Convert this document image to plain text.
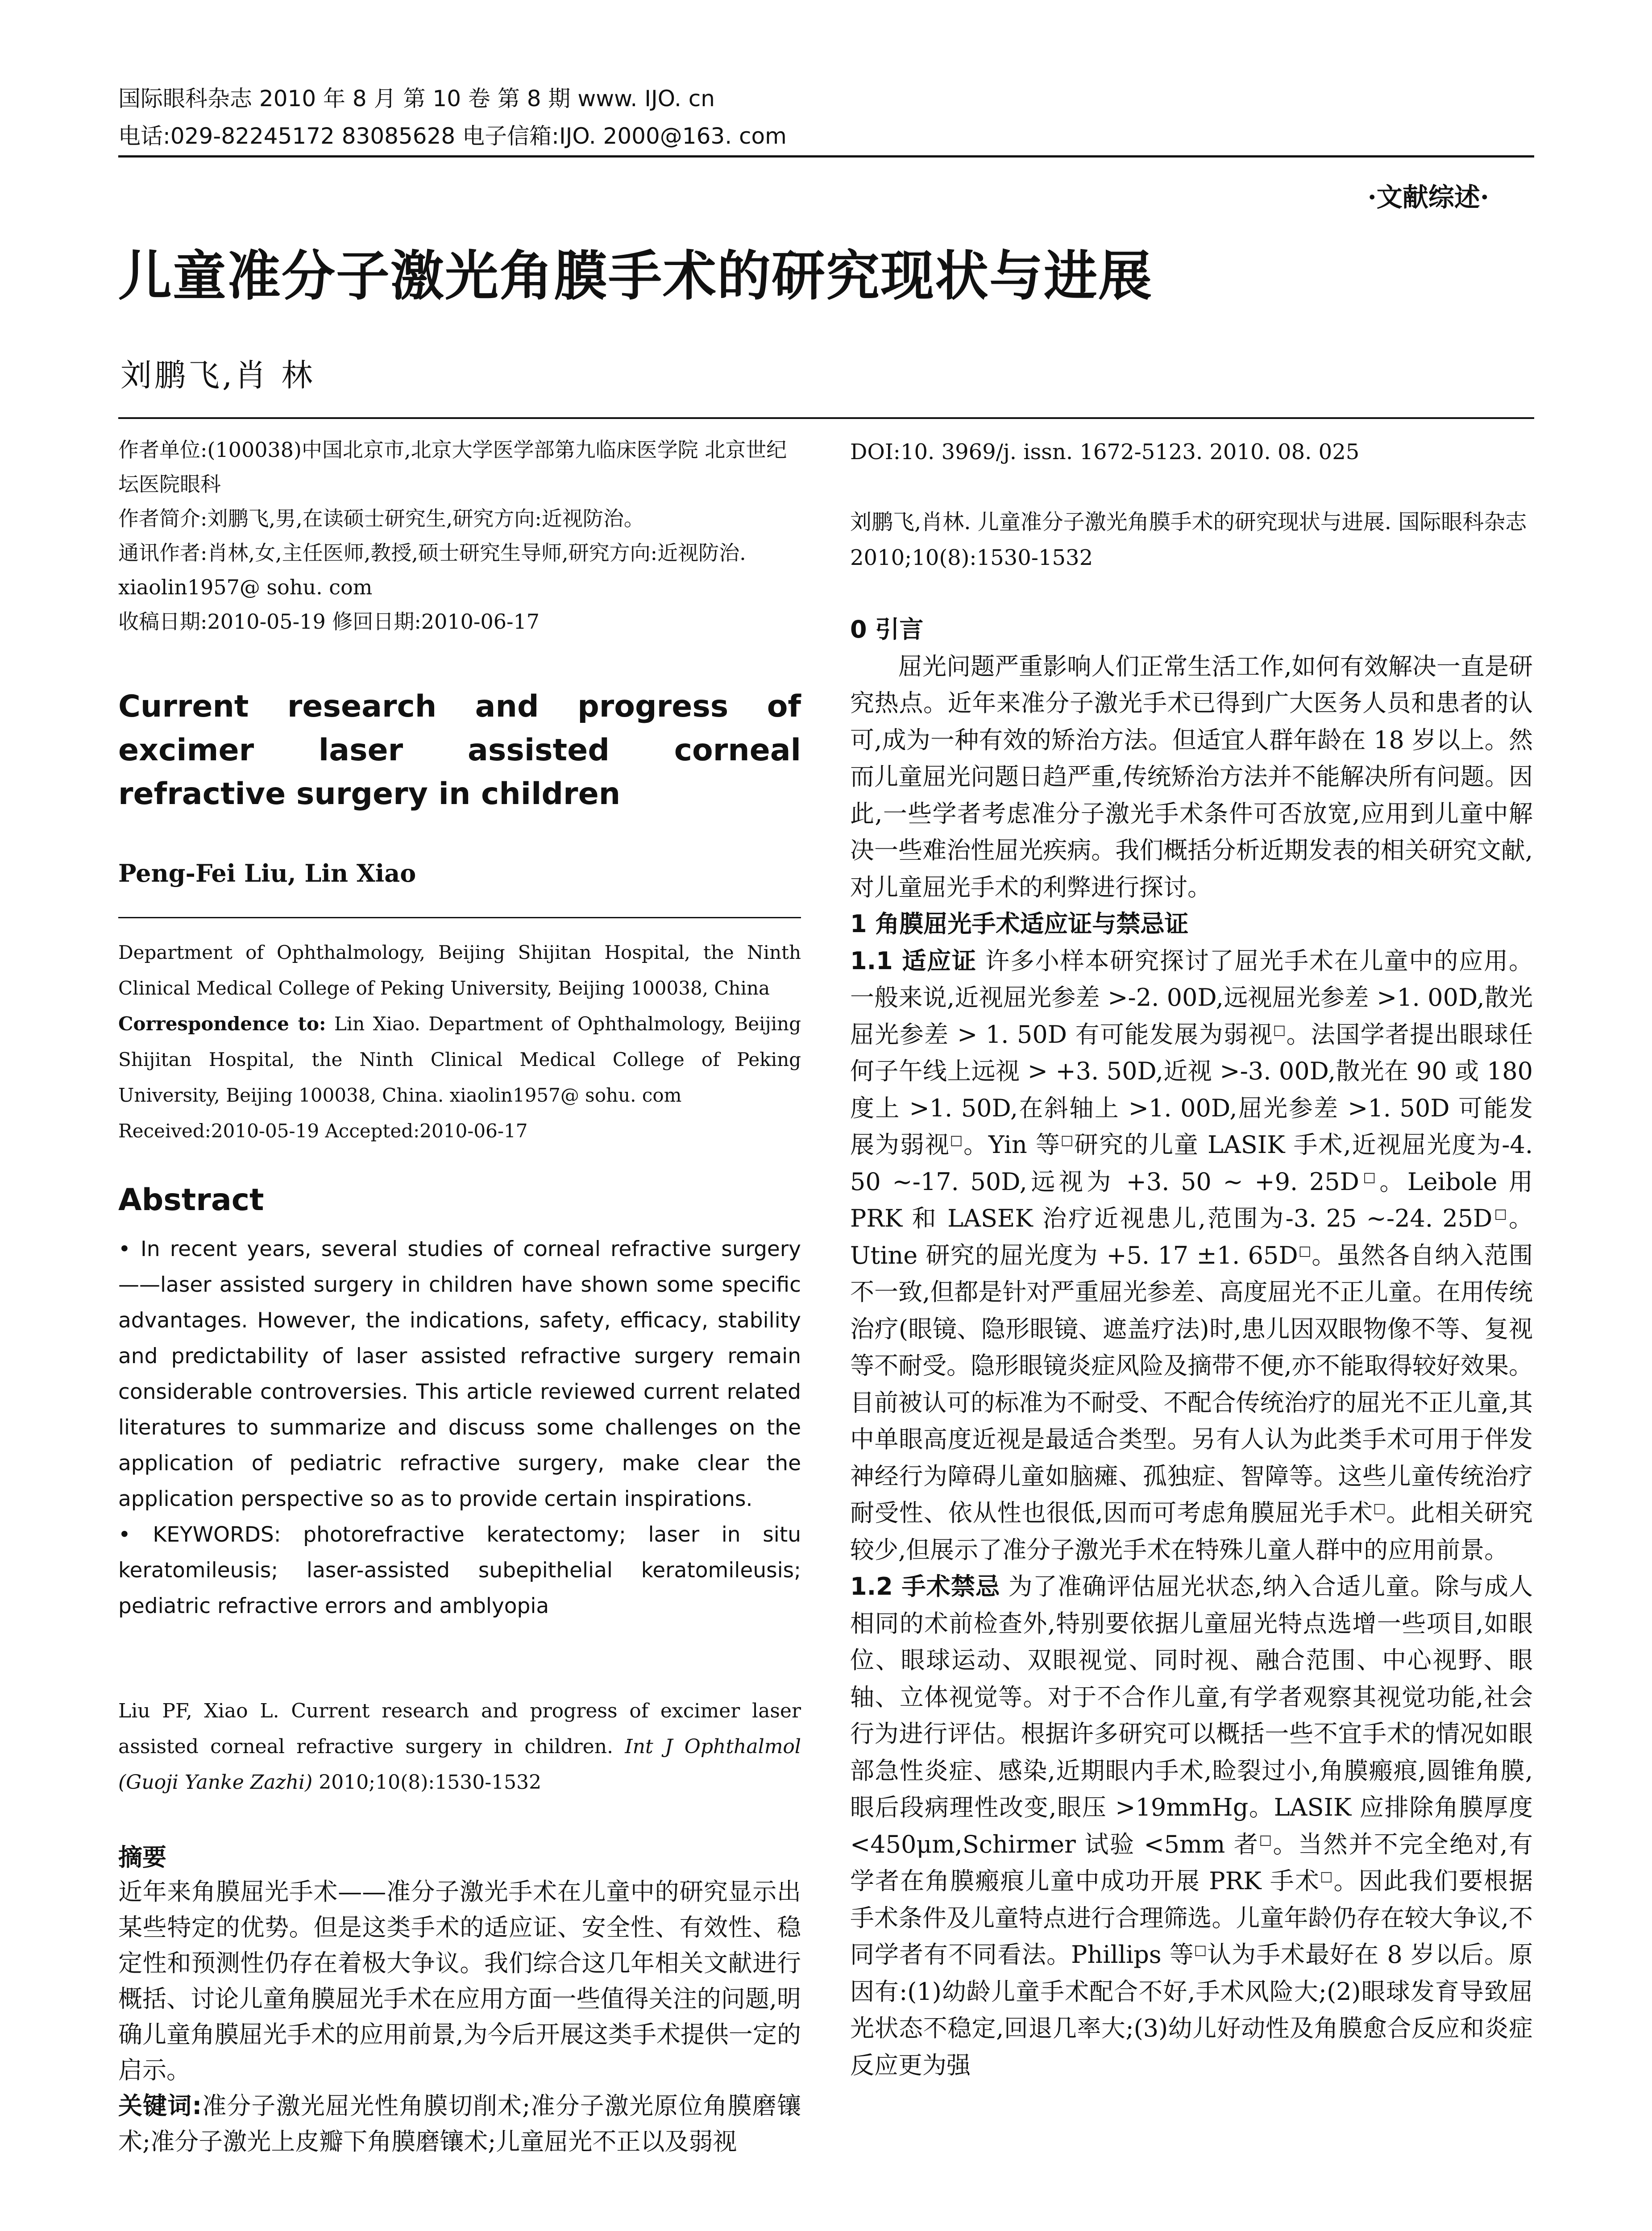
国际眼科杂志 2010 年 8 月 第 10 卷 第 8 期 www. IJO. cn
电话:029-82245172 83085628 电子信箱:IJO. 2000@163. com
·文献综述·
儿童准分子激光角膜手术的研究现状与进展
刘鹏飞,肖 林

作者单位:(100038)中国北京市,北京大学医学部第九临床医学院 北京世纪坛医院眼科

作者简介:刘鹏飞,男,在读硕士研究生,研究方向:近视防治。

通讯作者:肖林,女,主任医师,教授,硕士研究生导师,研究方向:近视防治. xiaolin1957@ sohu. com

收稿日期:2010-05-19 修回日期:2010-06-17

Current research and progress of excimer laser assisted corneal refractive surgery in children
Peng-Fei Liu, Lin Xiao

Department of Ophthalmology, Beijing Shijitan Hospital, the Ninth Clinical Medical College of Peking University, Beijing 100038, China

Correspondence to: Lin Xiao. Department of Ophthalmology, Beijing Shijitan Hospital, the Ninth Clinical Medical College of Peking University, Beijing 100038, China. xiaolin1957@ sohu. com

Received:2010-05-19 Accepted:2010-06-17

Abstract

• In recent years, several studies of corneal refractive surgery——laser assisted surgery in children have shown some specific advantages. However, the indications, safety, efficacy, stability and predictability of laser assisted refractive surgery remain considerable controversies. This article reviewed current related literatures to summarize and discuss some challenges on the application of pediatric refractive surgery, make clear the application perspective so as to provide certain inspirations.

• KEYWORDS: photorefractive keratectomy; laser in situ keratomileusis; laser-assisted subepithelial keratomileusis; pediatric refractive errors and amblyopia

Liu PF, Xiao L. Current research and progress of excimer laser assisted corneal refractive surgery in children. Int J Ophthalmol (Guoji Yanke Zazhi) 2010;10(8):1530-1532
摘要

近年来角膜屈光手术——准分子激光手术在儿童中的研究显示出某些特定的优势。但是这类手术的适应证、安全性、有效性、稳定性和预测性仍存在着极大争议。我们综合这几年相关文献进行概括、讨论儿童角膜屈光手术在应用方面一些值得关注的问题,明确儿童角膜屈光手术的应用前景,为今后开展这类手术提供一定的启示。

关键词:准分子激光屈光性角膜切削术;准分子激光原位角膜磨镶术;准分子激光上皮瓣下角膜磨镶术;儿童屈光不正以及弱视

DOI:10. 3969/j. issn. 1672-5123. 2010. 08. 025
刘鹏飞,肖林. 儿童准分子激光角膜手术的研究现状与进展. 国际眼科杂志 2010;10(8):1530-1532

0 引言

屈光问题严重影响人们正常生活工作,如何有效解决一直是研究热点。近年来准分子激光手术已得到广大医务人员和患者的认可,成为一种有效的矫治方法。但适宜人群年龄在 18 岁以上。然而儿童屈光问题日趋严重,传统矫治方法并不能解决所有问题。因此,一些学者考虑准分子激光手术条件可否放宽,应用到儿童中解决一些难治性屈光疾病。我们概括分析近期发表的相关研究文献,对儿童屈光手术的利弊进行探讨。

1 角膜屈光手术适应证与禁忌证

1.1 适应证 许多小样本研究探讨了屈光手术在儿童中的应用。一般来说,近视屈光参差 >-2. 00D,远视屈光参差 >1. 00D,散光屈光参差 > 1. 50D 有可能发展为弱视□。法国学者提出眼球任何子午线上远视 > +3. 50D,近视 >-3. 00D,散光在 90 或 180 度上 >1. 50D,在斜轴上 >1. 00D,屈光参差 >1. 50D 可能发展为弱视□。Yin 等□研究的儿童 LASIK 手术,近视屈光度为-4. 50 ~-17. 50D,远视为 +3. 50 ~ +9. 25D□。Leibole 用 PRK 和 LASEK 治疗近视患儿,范围为-3. 25 ~-24. 25D□。Utine 研究的屈光度为 +5. 17 ±1. 65D□。虽然各自纳入范围不一致,但都是针对严重屈光参差、高度屈光不正儿童。在用传统治疗(眼镜、隐形眼镜、遮盖疗法)时,患儿因双眼物像不等、复视等不耐受。隐形眼镜炎症风险及摘带不便,亦不能取得较好效果。目前被认可的标准为不耐受、不配合传统治疗的屈光不正儿童,其中单眼高度近视是最适合类型。另有人认为此类手术可用于伴发神经行为障碍儿童如脑瘫、孤独症、智障等。这些儿童传统治疗耐受性、依从性也很低,因而可考虑角膜屈光手术□。此相关研究较少,但展示了准分子激光手术在特殊儿童人群中的应用前景。

1.2 手术禁忌 为了准确评估屈光状态,纳入合适儿童。除与成人相同的术前检查外,特别要依据儿童屈光特点选增一些项目,如眼位、眼球运动、双眼视觉、同时视、融合范围、中心视野、眼轴、立体视觉等。对于不合作儿童,有学者观察其视觉功能,社会行为进行评估。根据许多研究可以概括一些不宜手术的情况如眼部急性炎症、感染,近期眼内手术,睑裂过小,角膜瘢痕,圆锥角膜,眼后段病理性改变,眼压 >19mmHg。LASIK 应排除角膜厚度 <450μm,Schirmer 试验 <5mm 者□。当然并不完全绝对,有学者在角膜瘢痕儿童中成功开展 PRK 手术□。因此我们要根据手术条件及儿童特点进行合理筛选。儿童年龄仍存在较大争议,不同学者有不同看法。Phillips 等□认为手术最好在 8 岁以后。原因有:(1)幼龄儿童手术配合不好,手术风险大;(2)眼球发育导致屈光状态不稳定,回退几率大;(3)幼儿好动性及角膜愈合反应和炎症反应更为强
